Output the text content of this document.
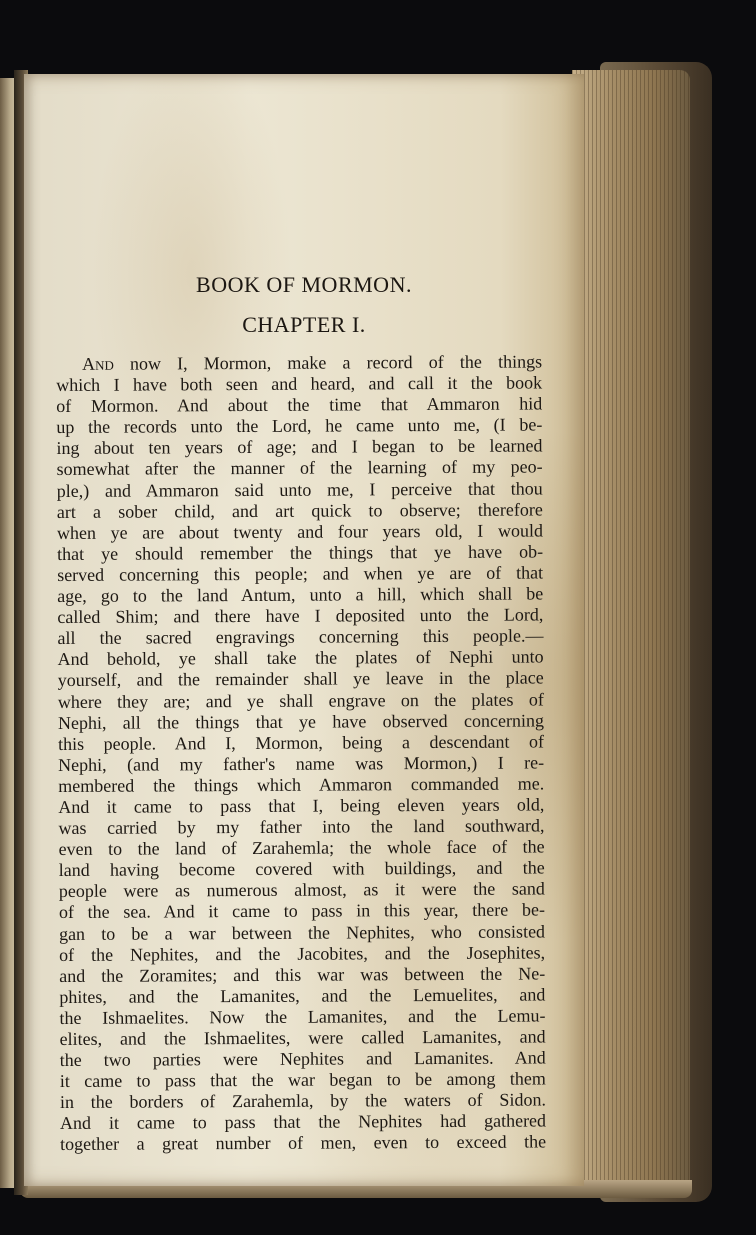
BOOK OF MORMON.
CHAPTER I.
And now I, Mormon, make a record of the things
which I have both seen and heard, and call it the book
of Mormon. And about the time that Ammaron hid
up the records unto the Lord, he came unto me, (I be-
ing about ten years of age; and I began to be learned
somewhat after the manner of the learning of my peo-
ple,) and Ammaron said unto me, I perceive that thou
art a sober child, and art quick to observe; therefore
when ye are about twenty and four years old, I would
that ye should remember the things that ye have ob-
served concerning this people; and when ye are of that
age, go to the land Antum, unto a hill, which shall be
called Shim; and there have I deposited unto the Lord,
all the sacred engravings concerning this people.—
And behold, ye shall take the plates of Nephi unto
yourself, and the remainder shall ye leave in the place
where they are; and ye shall engrave on the plates of
Nephi, all the things that ye have observed concerning
this people. And I, Mormon, being a descendant of
Nephi, (and my father's name was Mormon,) I re-
membered the things which Ammaron commanded me.
And it came to pass that I, being eleven years old,
was carried by my father into the land southward,
even to the land of Zarahemla; the whole face of the
land having become covered with buildings, and the
people were as numerous almost, as it were the sand
of the sea. And it came to pass in this year, there be-
gan to be a war between the Nephites, who consisted
of the Nephites, and the Jacobites, and the Josephites,
and the Zoramites; and this war was between the Ne-
phites, and the Lamanites, and the Lemuelites, and
the Ishmaelites. Now the Lamanites, and the Lemu-
elites, and the Ishmaelites, were called Lamanites, and
the two parties were Nephites and Lamanites. And
it came to pass that the war began to be among them
in the borders of Zarahemla, by the waters of Sidon.
And it came to pass that the Nephites had gathered
together a great number of men, even to exceed the
